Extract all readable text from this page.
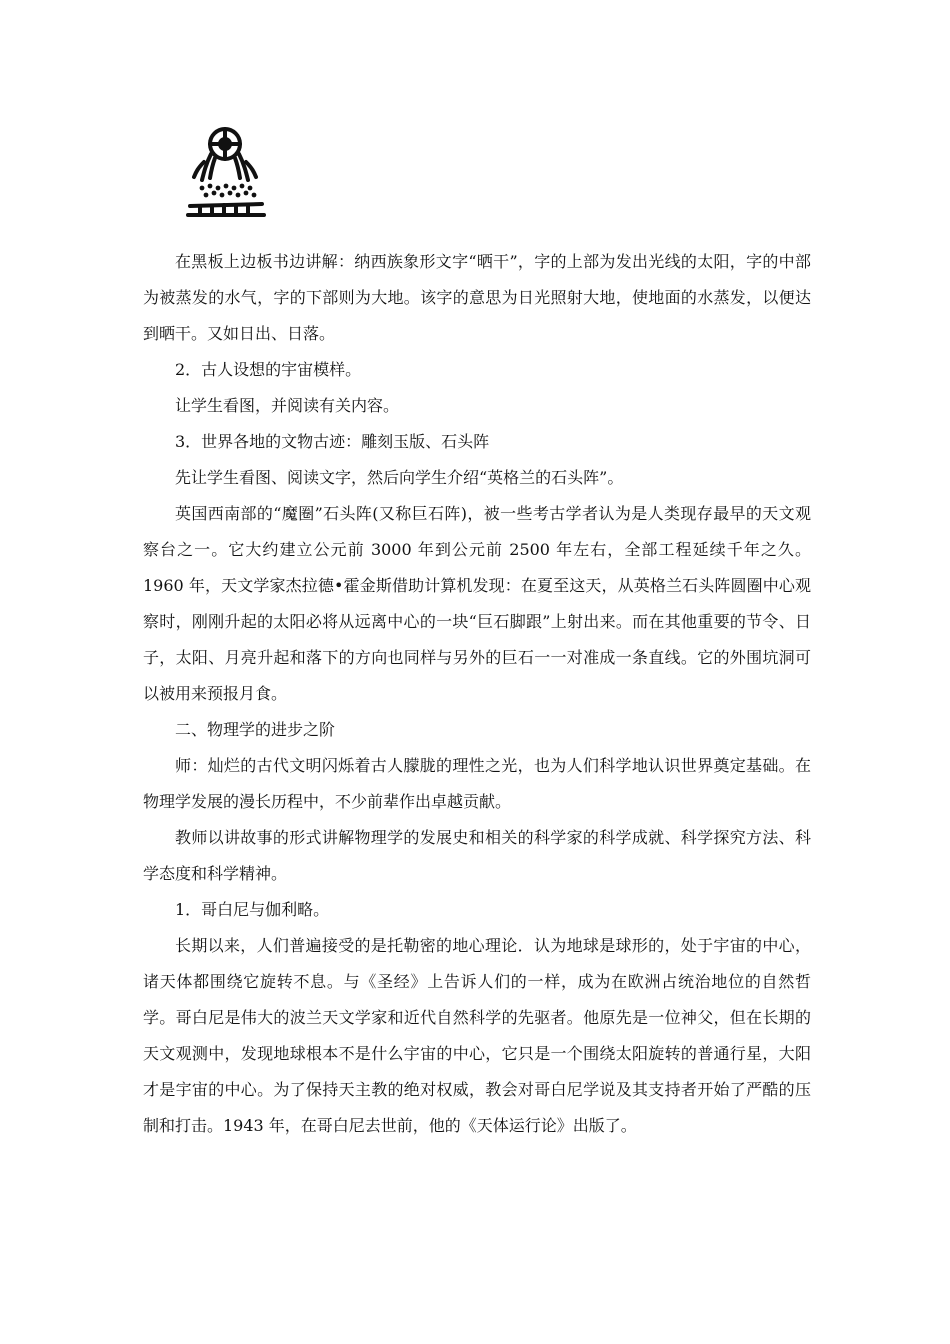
在黑板上边板书边讲解：纳西族象形文字“晒干”，字的上部为发出光线的太阳，字的中部为被蒸发的水气，字的下部则为大地。该字的意思为日光照射大地，使地面的水蒸发，以便达到晒干。又如日出、日落。

2．古人设想的宇宙模样。

让学生看图，并阅读有关内容。

3．世界各地的文物古迹：雕刻玉版、石头阵

先让学生看图、阅读文字，然后向学生介绍“英格兰的石头阵”。

英国西南部的“魔圈”石头阵(又称巨石阵)，被一些考古学者认为是人类现存最早的天文观察台之一。它大约建立公元前 3000 年到公元前 2500 年左右，全部工程延续千年之久。1960 年，天文学家杰拉德•霍金斯借助计算机发现：在夏至这天，从英格兰石头阵圆圈中心观察时，刚刚升起的太阳必将从远离中心的一块“巨石脚跟”上射出来。而在其他重要的节令、日子，太阳、月亮升起和落下的方向也同样与另外的巨石一一对准成一条直线。它的外围坑洞可以被用来预报月食。

二、物理学的进步之阶

师：灿烂的古代文明闪烁着古人朦胧的理性之光，也为人们科学地认识世界奠定基础。在物理学发展的漫长历程中，不少前辈作出卓越贡献。

教师以讲故事的形式讲解物理学的发展史和相关的科学家的科学成就、科学探究方法、科学态度和科学精神。

1．哥白尼与伽利略。

长期以来，人们普遍接受的是托勒密的地心理论．认为地球是球形的，处于宇宙的中心，诸天体都围绕它旋转不息。与《圣经》上告诉人们的一样，成为在欧洲占统治地位的自然哲学。哥白尼是伟大的波兰天文学家和近代自然科学的先驱者。他原先是一位神父，但在长期的天文观测中，发现地球根本不是什么宇宙的中心，它只是一个围绕太阳旋转的普通行星，大阳才是宇宙的中心。为了保持天主教的绝对权威，教会对哥白尼学说及其支持者开始了严酷的压制和打击。1943 年，在哥白尼去世前，他的《天体运行论》出版了。
